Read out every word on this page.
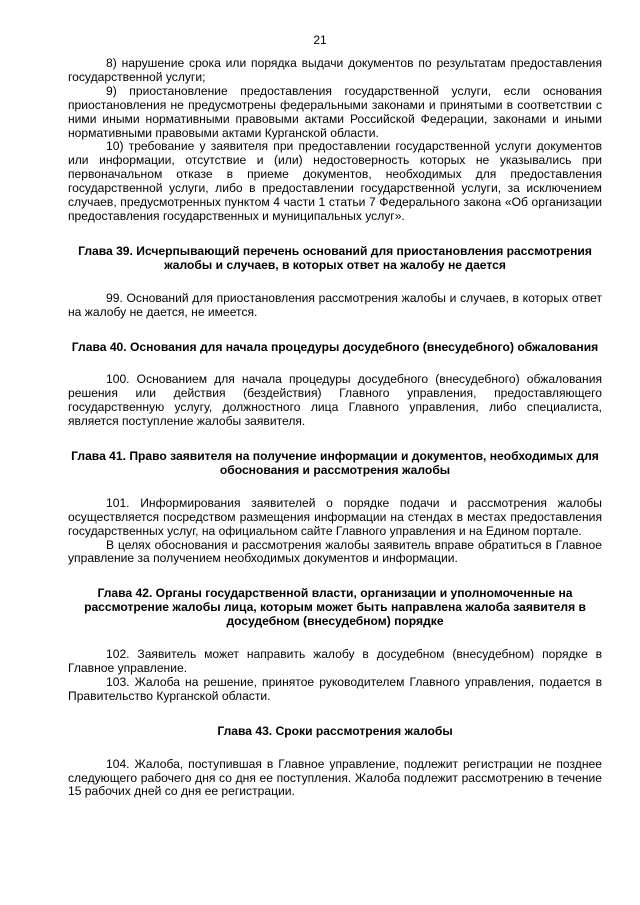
21

8) нарушение срока или порядка выдачи документов по результатам предоставления государственной услуги;

9) приостановление предоставления государственной услуги, если основания приостановления не предусмотрены федеральными законами и принятыми в соответствии с ними иными нормативными правовыми актами Российской Федерации, законами и иными нормативными правовыми актами Курганской области.

10) требование у заявителя при предоставлении государственной услуги документов или информации, отсутствие и (или) недостоверность которых не указывались при первоначальном отказе в приеме документов, необходимых для предоставления государственной услуги, либо в предоставлении государственной услуги, за исключением случаев, предусмотренных пунктом 4 части 1 статьи 7 Федерального закона «Об организации предоставления государственных и муниципальных услуг».

Глава 39. Исчерпывающий перечень оснований для приостановления рассмотрения жалобы и случаев, в которых ответ на жалобу не дается

99. Оснований для приостановления рассмотрения жалобы и случаев, в которых ответ на жалобу не дается, не имеется.

Глава 40. Основания для начала процедуры досудебного (внесудебного) обжалования

100. Основанием для начала процедуры досудебного (внесудебного) обжалования решения или действия (бездействия) Главного управления, предоставляющего государственную услугу, должностного лица Главного управления, либо специалиста, является поступление жалобы заявителя.

Глава 41. Право заявителя на получение информации и документов, необходимых для обоснования и рассмотрения жалобы

101. Информирования заявителей о порядке подачи и рассмотрения жалобы осуществляется посредством размещения информации на стендах в местах предоставления государственных услуг, на официальном сайте Главного управления и на Едином портале.

В целях обоснования и рассмотрения жалобы заявитель вправе обратиться в Главное управление за получением необходимых документов и информации.

Глава 42. Органы государственной власти, организации и уполномоченные на рассмотрение жалобы лица, которым может быть направлена жалоба заявителя в досудебном (внесудебном) порядке

102. Заявитель может направить жалобу в досудебном (внесудебном) порядке в Главное управление.

103. Жалоба на решение, принятое руководителем Главного управления, подается в Правительство Курганской области.

Глава 43. Сроки рассмотрения жалобы

104. Жалоба, поступившая в Главное управление, подлежит регистрации не позднее следующего рабочего дня со дня ее поступления. Жалоба подлежит рассмотрению в течение 15 рабочих дней со дня ее регистрации.
